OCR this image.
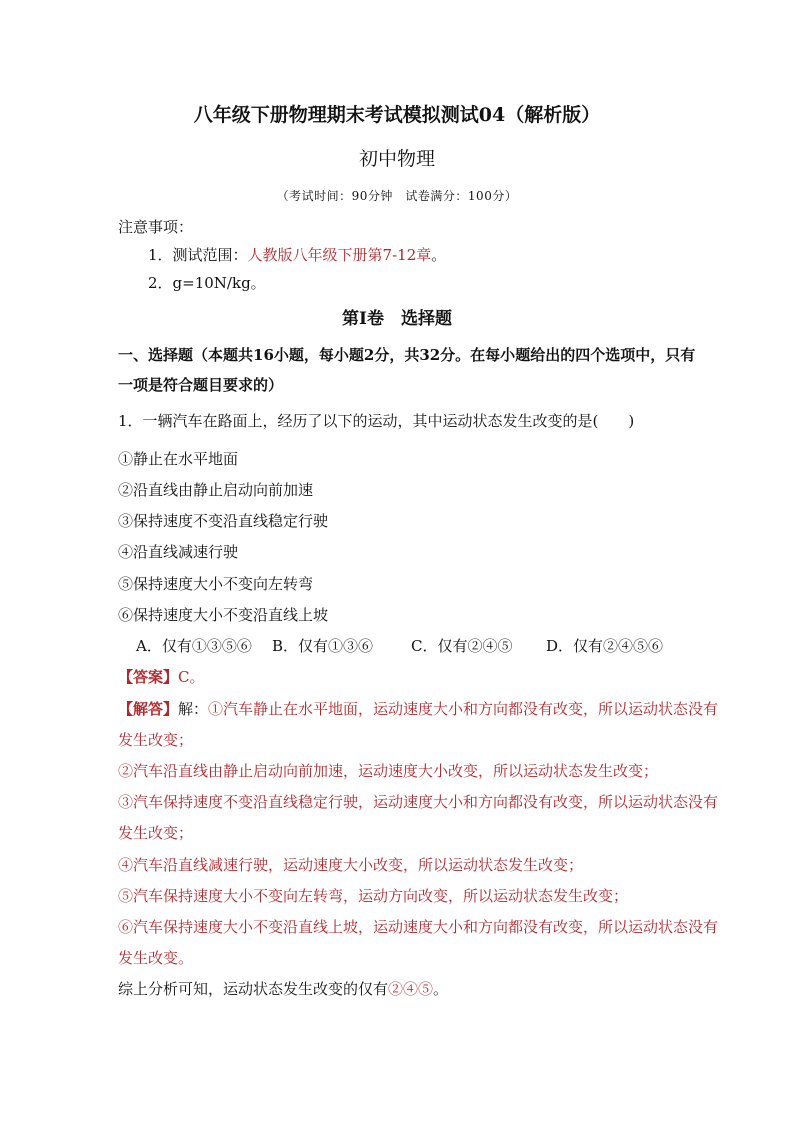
八年级下册物理期末考试模拟测试04（解析版）
初中物理
（考试时间：90分钟　试卷满分：100分）
注意事项：
1．测试范围：人教版八年级下册第7-12章。
2．g=10N/kg。
第Ⅰ卷　选择题
一、选择题（本题共16小题，每小题2分，共32分。在每小题给出的四个选项中，只有
一项是符合题目要求的）
1．一辆汽车在路面上，经历了以下的运动，其中运动状态发生改变的是(　　)
①静止在水平地面
②沿直线由静止启动向前加速
③保持速度不变沿直线稳定行驶
④沿直线减速行驶
⑤保持速度大小不变向左转弯
⑥保持速度大小不变沿直线上坡
A．仅有①③⑤⑥ B．仅有①③⑥	C．仅有②④⑤ D．仅有②④⑤⑥
【答案】C。
【解答】解：①汽车静止在水平地面，运动速度大小和方向都没有改变，所以运动状态没有
发生改变；
②汽车沿直线由静止启动向前加速，运动速度大小改变，所以运动状态发生改变；
③汽车保持速度不变沿直线稳定行驶，运动速度大小和方向都没有改变，所以运动状态没有
发生改变；
④汽车沿直线减速行驶，运动速度大小改变，所以运动状态发生改变；
⑤汽车保持速度大小不变向左转弯，运动方向改变，所以运动状态发生改变；
⑥汽车保持速度大小不变沿直线上坡，运动速度大小和方向都没有改变，所以运动状态没有
发生改变。
综上分析可知，运动状态发生改变的仅有②④⑤。
